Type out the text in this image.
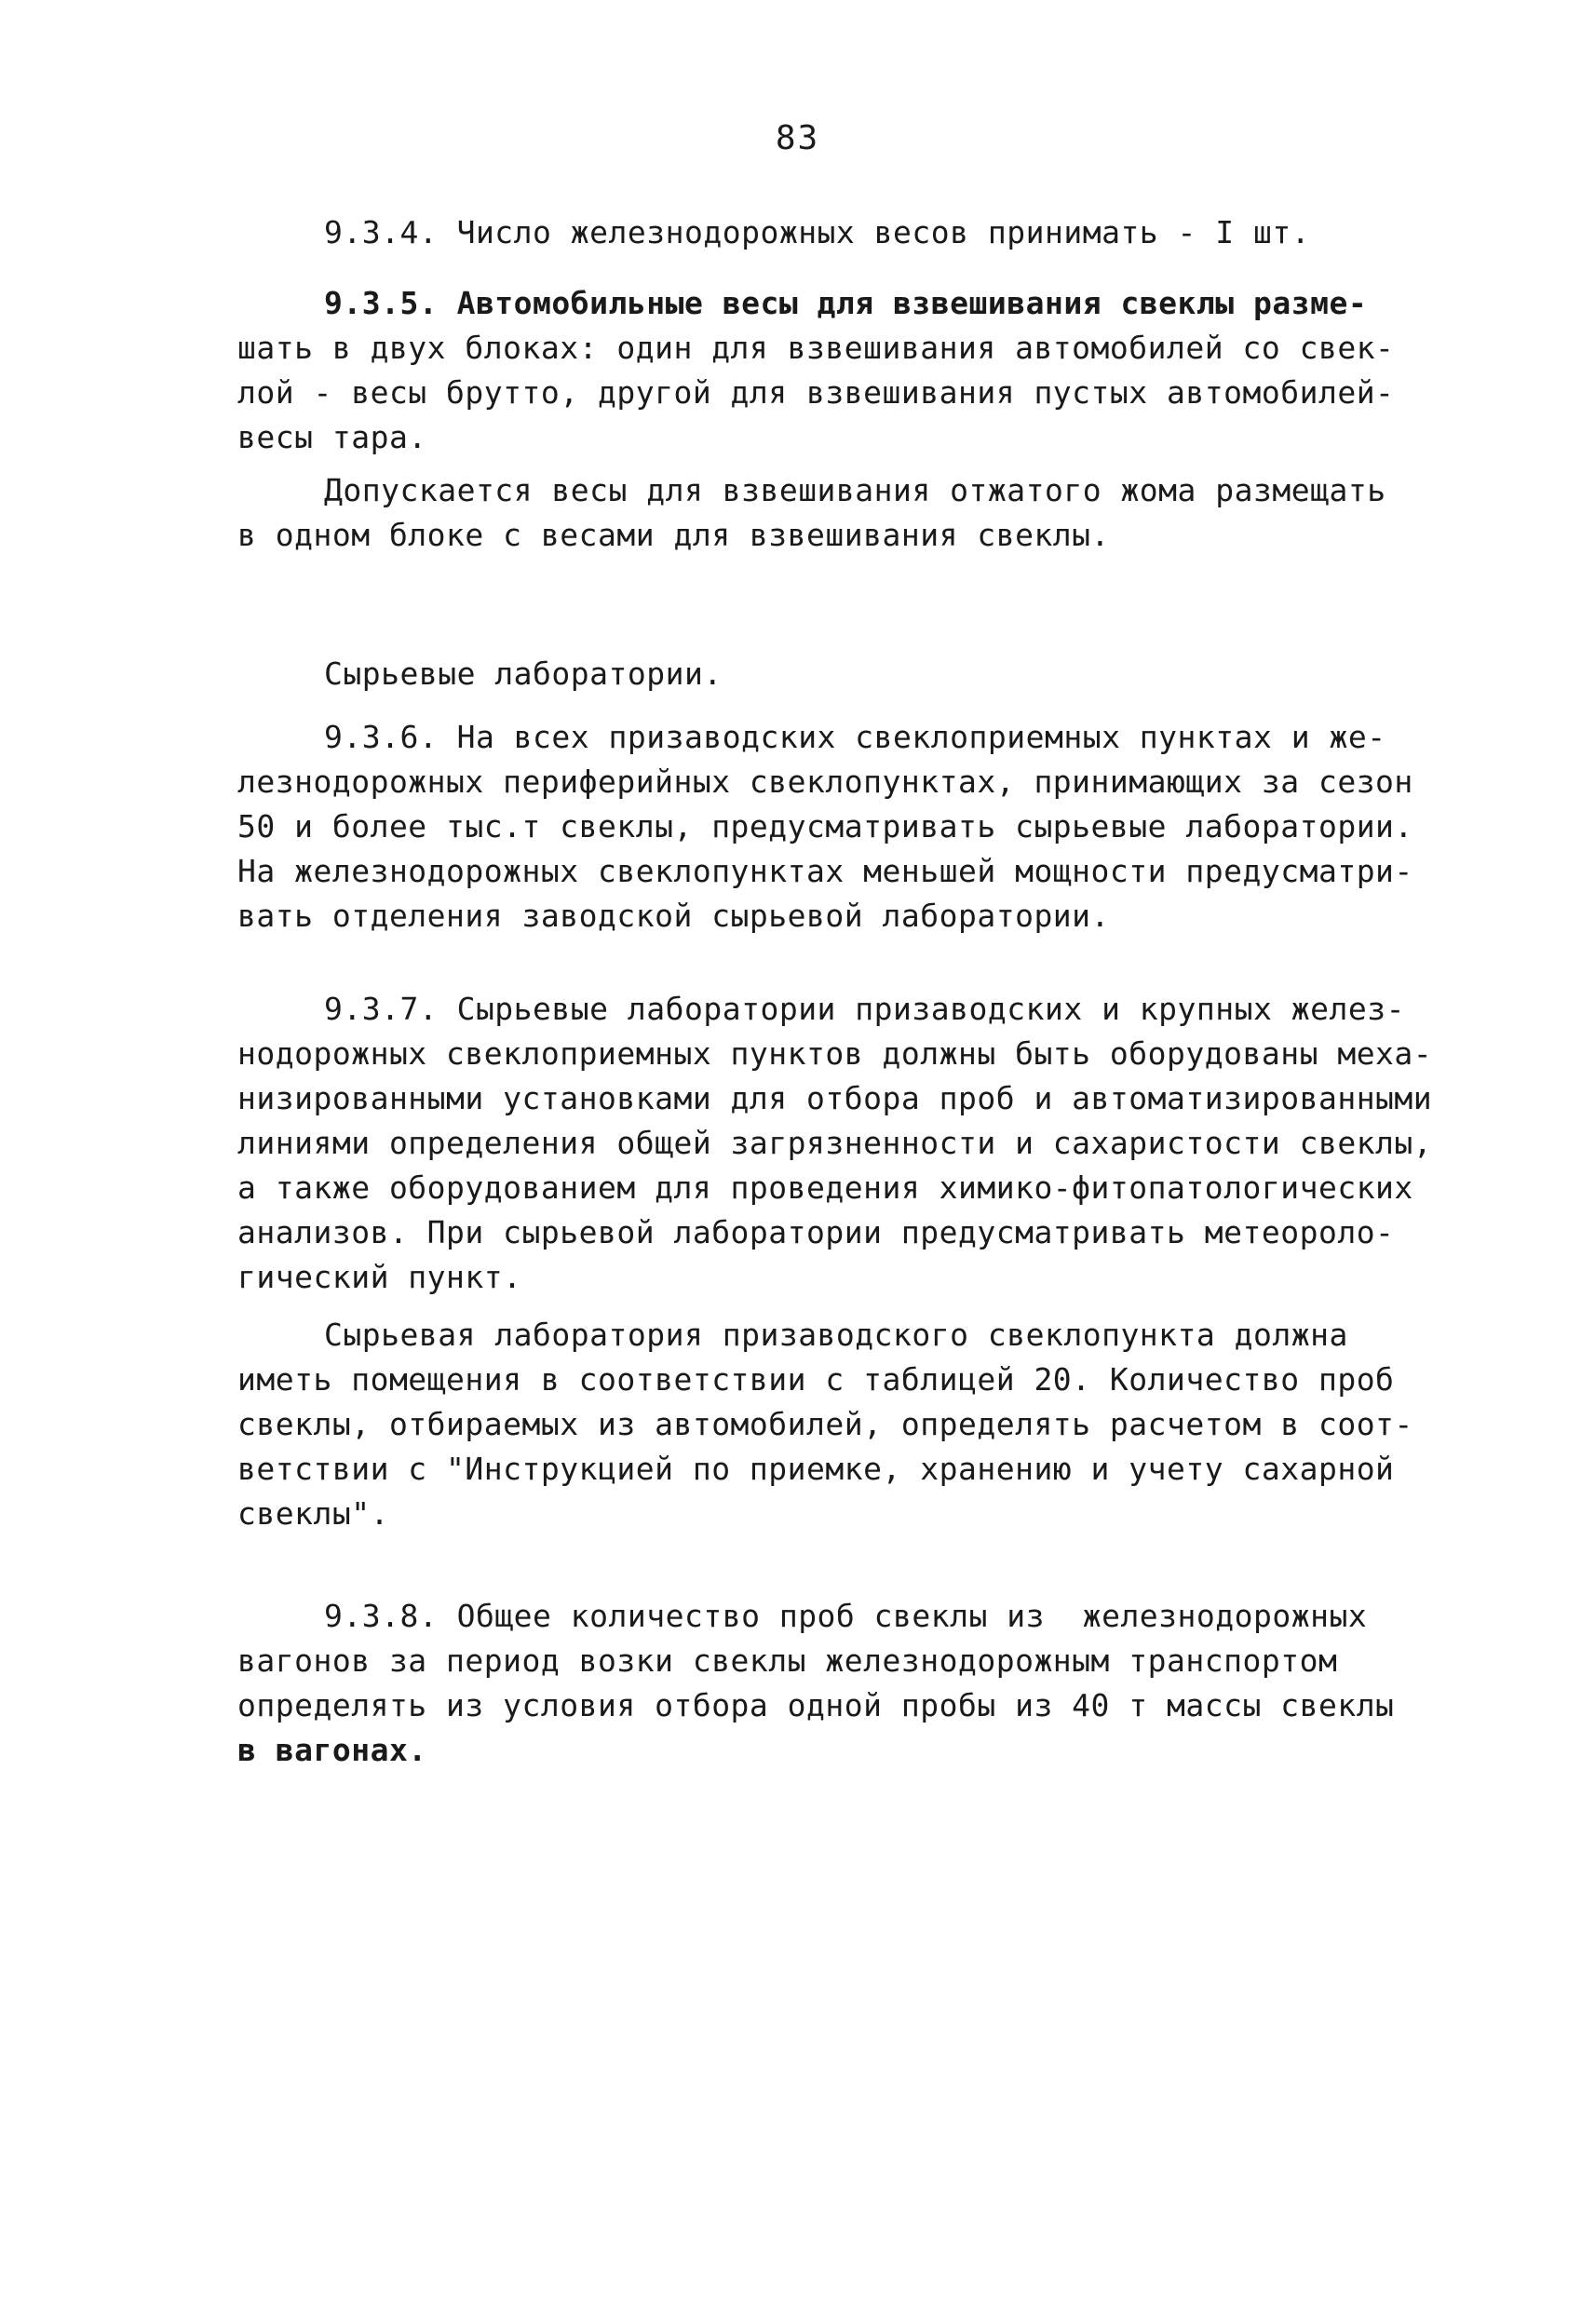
83
9.3.4. Число железнодорожных весов принимать - I шт.
9.3.5. Автомобильные весы для взвешивания свеклы разме-
шать в двух блоках: один для взвешивания автомобилей со свек-
лой - весы брутто, другой для взвешивания пустых автомобилей-
весы тара.
Допускается весы для взвешивания отжатого жома размещать
в одном блоке с весами для взвешивания свеклы.
Сырьевые лаборатории.
9.3.6. На всех призаводских свеклоприемных пунктах и же-
лезнодорожных периферийных свеклопунктах, принимающих за сезон
50 и более тыс.т свеклы, предусматривать сырьевые лаборатории.
На железнодорожных свеклопунктах меньшей мощности предусматри-
вать отделения заводской сырьевой лаборатории.
9.3.7. Сырьевые лаборатории призаводских и крупных желез-
нодорожных свеклоприемных пунктов должны быть оборудованы меха-
низированными установками для отбора проб и автоматизированными
линиями определения общей загрязненности и сахаристости свеклы,
а также оборудованием для проведения химико-фитопатологических
анализов. При сырьевой лаборатории предусматривать метеороло-
гический пункт.
Сырьевая лаборатория призаводского свеклопункта должна
иметь помещения в соответствии с таблицей 20. Количество проб
свеклы, отбираемых из автомобилей, определять расчетом в соот-
ветствии с "Инструкцией по приемке, хранению и учету сахарной
свеклы".
9.3.8. Общее количество проб свеклы из  железнодорожных
вагонов за период возки свеклы железнодорожным транспортом
определять из условия отбора одной пробы из 40 т массы свеклы
в вагонах.
